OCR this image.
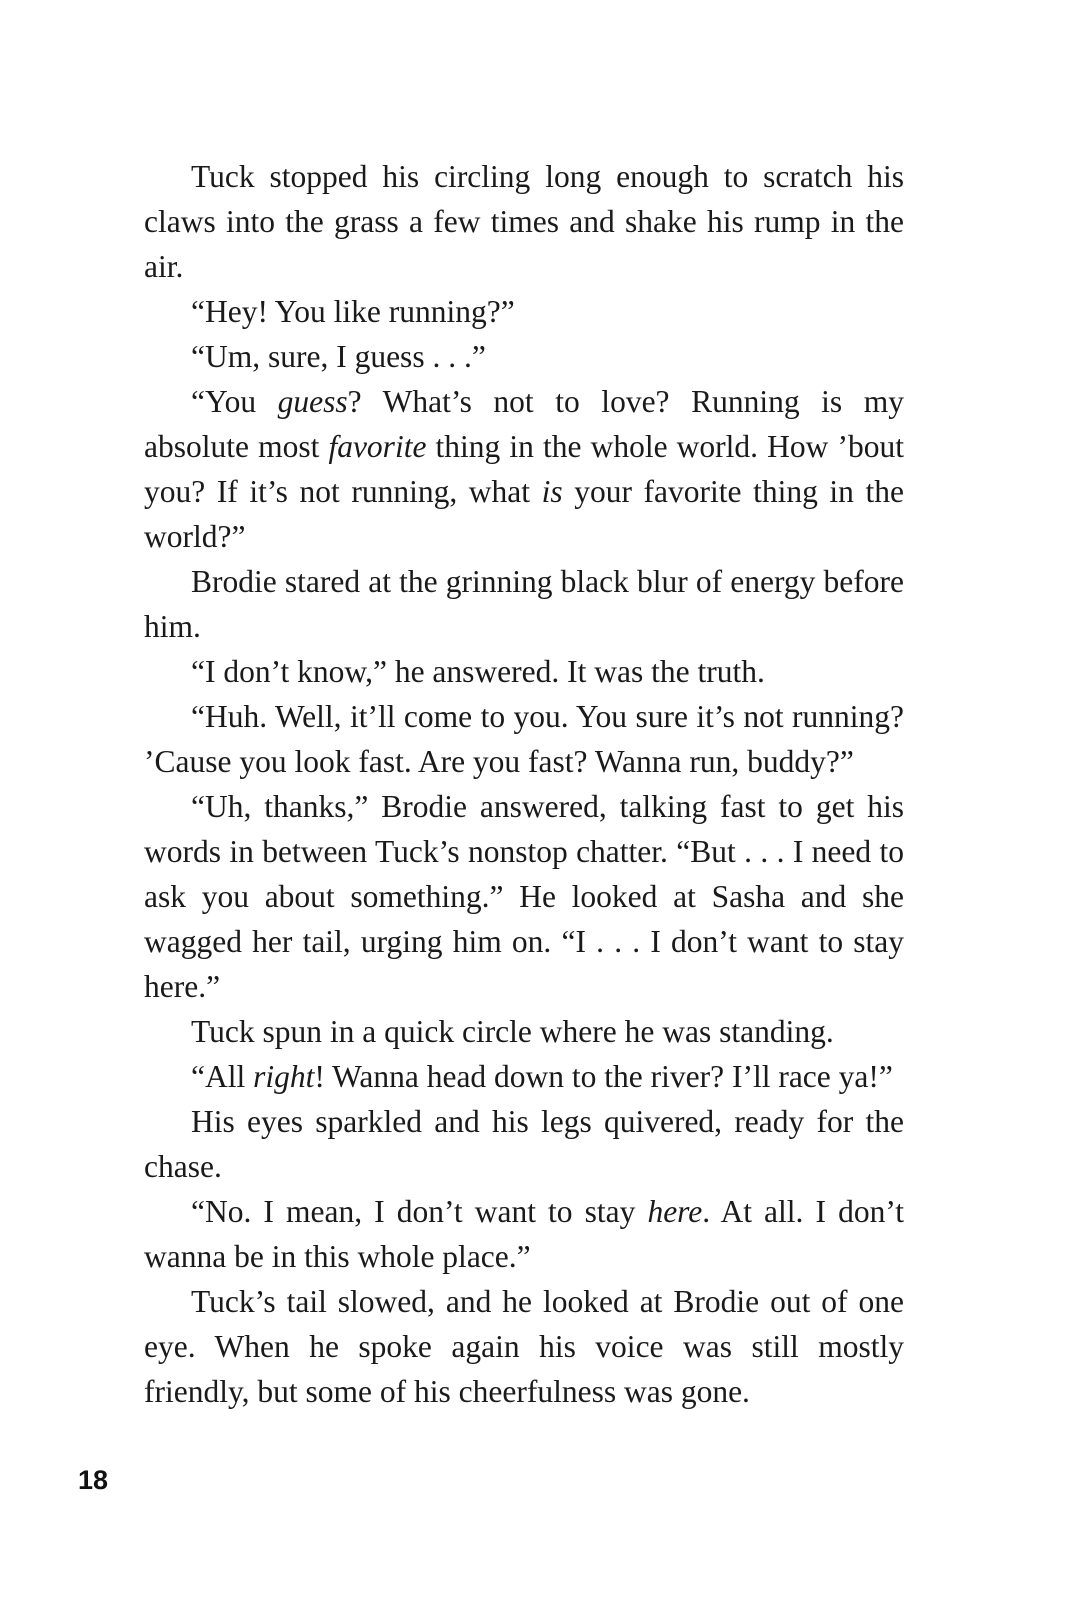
Tuck stopped his circling long enough to scratch his claws into the grass a few times and shake his rump in the air.

“Hey! You like running?”

“Um, sure, I guess . . .”

“You guess? What’s not to love? Running is my absolute most favorite thing in the whole world. How ’bout you? If it’s not running, what is your favorite thing in the world?”

Brodie stared at the grinning black blur of energy before him.

“I don’t know,” he answered. It was the truth.

“Huh. Well, it’ll come to you. You sure it’s not running? ’Cause you look fast. Are you fast? Wanna run, buddy?”

“Uh, thanks,” Brodie answered, talking fast to get his words in between Tuck’s nonstop chatter. “But . . . I need to ask you about something.” He looked at Sasha and she wagged her tail, urging him on. “I . . . I don’t want to stay here.”

Tuck spun in a quick circle where he was standing.

“All right! Wanna head down to the river? I’ll race ya!”

His eyes sparkled and his legs quivered, ready for the chase.

“No. I mean, I don’t want to stay here. At all. I don’t wanna be in this whole place.”

Tuck’s tail slowed, and he looked at Brodie out of one eye. When he spoke again his voice was still mostly friendly, but some of his cheerfulness was gone.

18
